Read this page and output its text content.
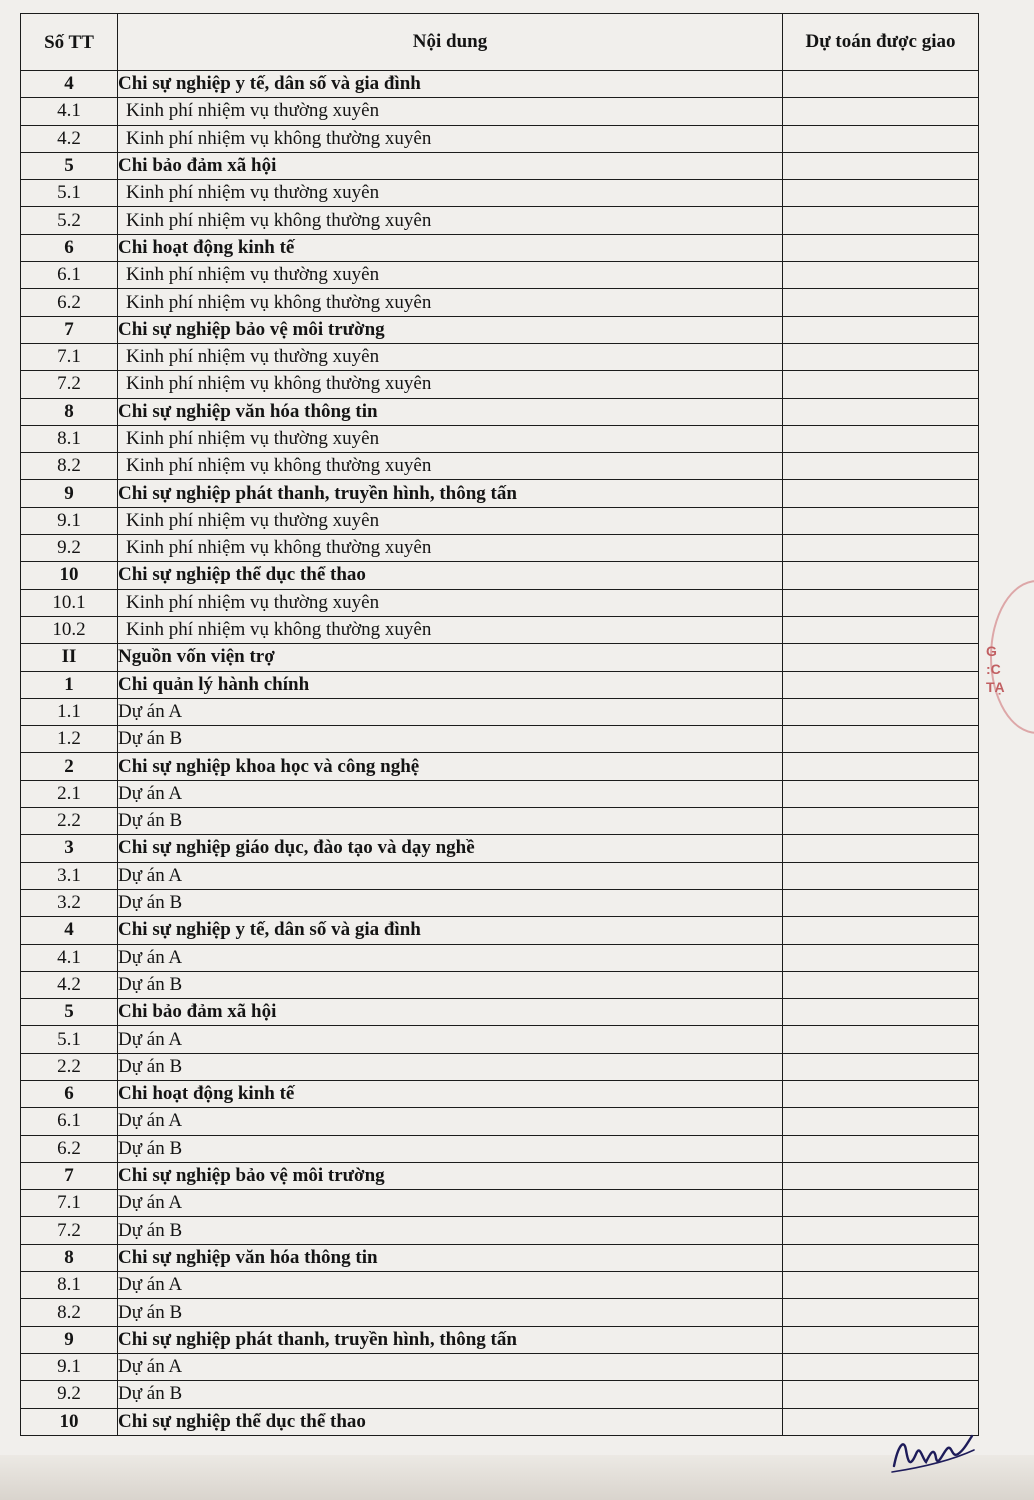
Số TT	Nội dung	Dự toán được giao
4	Chi sự nghiệp y tế, dân số và gia đình	
4.1	Kinh phí nhiệm vụ thường xuyên	
4.2	Kinh phí nhiệm vụ không thường xuyên	
5	Chi bảo đảm xã hội	
5.1	Kinh phí nhiệm vụ thường xuyên	
5.2	Kinh phí nhiệm vụ không thường xuyên	
6	Chi hoạt động kinh tế	
6.1	Kinh phí nhiệm vụ thường xuyên	
6.2	Kinh phí nhiệm vụ không thường xuyên	
7	Chi sự nghiệp bảo vệ môi trường	
7.1	Kinh phí nhiệm vụ thường xuyên	
7.2	Kinh phí nhiệm vụ không thường xuyên	
8	Chi sự nghiệp văn hóa thông tin	
8.1	Kinh phí nhiệm vụ thường xuyên	
8.2	Kinh phí nhiệm vụ không thường xuyên	
9	Chi sự nghiệp phát thanh, truyền hình, thông tấn	
9.1	Kinh phí nhiệm vụ thường xuyên	
9.2	Kinh phí nhiệm vụ không thường xuyên	
10	Chi sự nghiệp thể dục thể thao	
10.1	Kinh phí nhiệm vụ thường xuyên	
10.2	Kinh phí nhiệm vụ không thường xuyên	
II	Nguồn vốn viện trợ	
1	Chi quản lý hành chính	
1.1	Dự án A	
1.2	Dự án B	
2	Chi sự nghiệp khoa học và công nghệ	
2.1	Dự án A	
2.2	Dự án B	
3	Chi sự nghiệp giáo dục, đào tạo và dạy nghề	
3.1	Dự án A	
3.2	Dự án B	
4	Chi sự nghiệp y tế, dân số và gia đình	
4.1	Dự án A	
4.2	Dự án B	
5	Chi bảo đảm xã hội	
5.1	Dự án A	
2.2	Dự án B	
6	Chi hoạt động kinh tế	
6.1	Dự án A	
6.2	Dự án B	
7	Chi sự nghiệp bảo vệ môi trường	
7.1	Dự án A	
7.2	Dự án B	
8	Chi sự nghiệp văn hóa thông tin	
8.1	Dự án A	
8.2	Dự án B	
9	Chi sự nghiệp phát thanh, truyền hình, thông tấn	
9.1	Dự án A	
9.2	Dự án B	
10	Chi sự nghiệp thể dục thể thao	
G
:C
TẠ
